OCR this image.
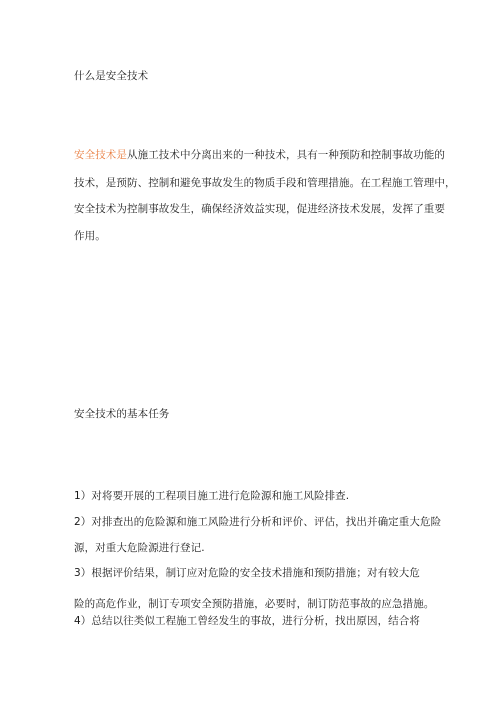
什么是安全技术
安全技术是从施工技术中分离出来的一种技术，具有一种预防和控制事故功能的
技术，是预防、控制和避免事故发生的物质手段和管理措施。在工程施工管理中，
安全技术为控制事故发生，确保经济效益实现，促进经济技术发展，发挥了重要
作用。
安全技术的基本任务
1）对将要开展的工程项目施工进行危险源和施工风险排查.
2）对排查出的危险源和施工风险进行分析和评价、评估，找出并确定重大危险
源，对重大危险源进行登记.
3）根据评价结果，制订应对危险的安全技术措施和预防措施；对有较大危
险的高危作业，制订专项安全预防措施，必要时，制订防范事故的应急措施。
4）总结以往类似工程施工曾经发生的事故，进行分析，找出原因，结合将
